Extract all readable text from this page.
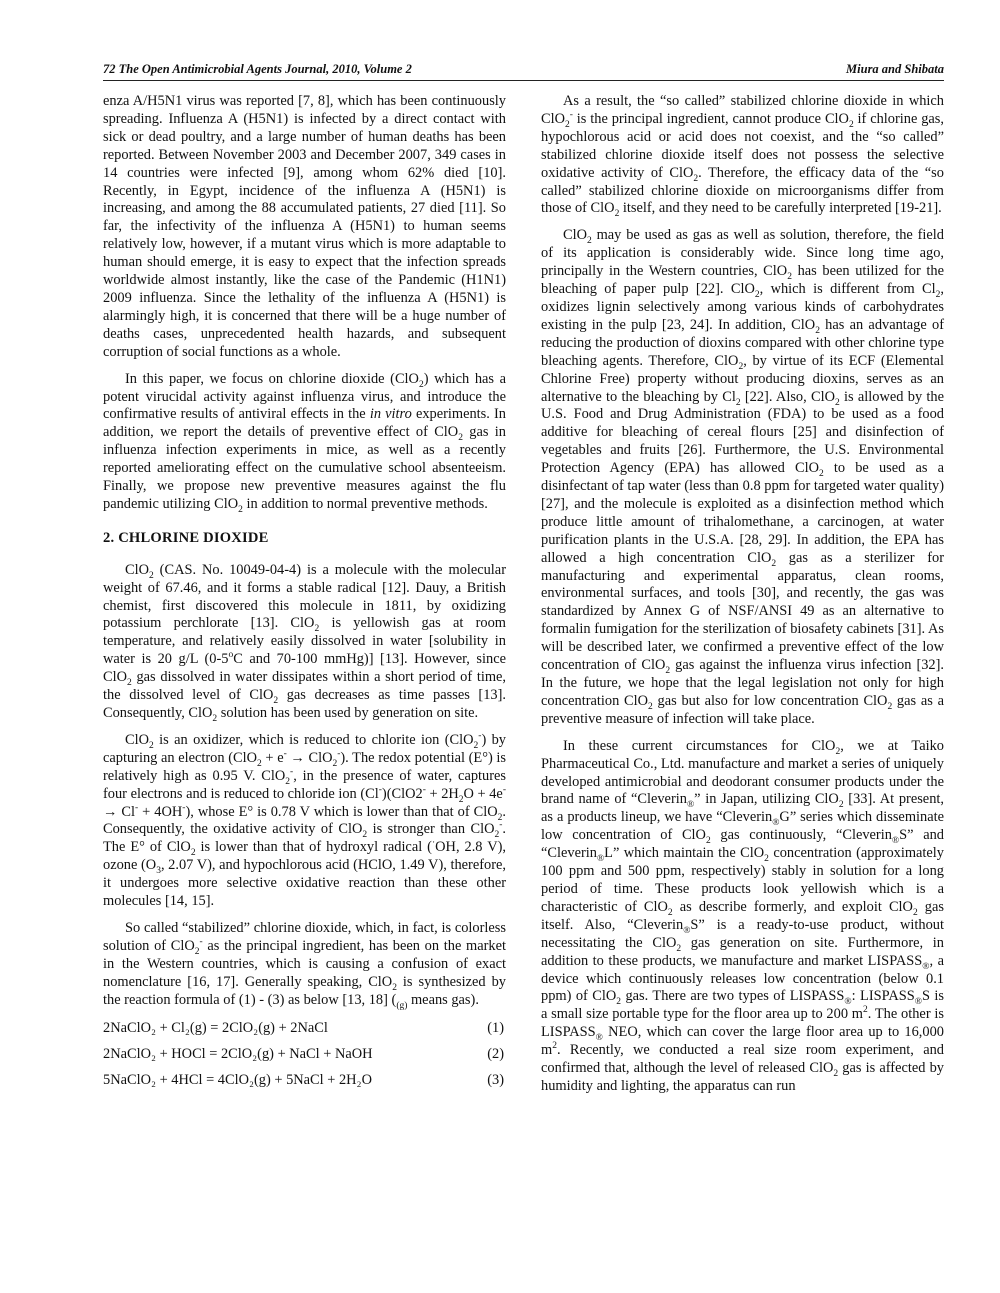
72 The Open Antimicrobial Agents Journal, 2010, Volume 2	Miura and Shibata

enza A/H5N1 virus was reported [7, 8], which has been continuously spreading. Influenza A (H5N1) is infected by a direct contact with sick or dead poultry, and a large number of human deaths has been reported. Between November 2003 and December 2007, 349 cases in 14 countries were infected [9], among whom 62% died [10]. Recently, in Egypt, incidence of the influenza A (H5N1) is increasing, and among the 88 accumulated patients, 27 died [11]. So far, the infectivity of the influenza A (H5N1) to human seems relatively low, however, if a mutant virus which is more adaptable to human should emerge, it is easy to expect that the infection spreads worldwide almost instantly, like the case of the Pandemic (H1N1) 2009 influenza. Since the lethality of the influenza A (H5N1) is alarmingly high, it is concerned that there will be a huge number of deaths cases, unprecedented health hazards, and subsequent corruption of social functions as a whole.

In this paper, we focus on chlorine dioxide (ClO$_2$) which has a potent virucidal activity against influenza virus, and introduce the confirmative results of antiviral effects in the in vitro experiments. In addition, we report the details of preventive effect of ClO$_2$ gas in influenza infection experiments in mice, as well as a recently reported ameliorating effect on the cumulative school absenteeism. Finally, we propose new preventive measures against the flu pandemic utilizing ClO$_2$ in addition to normal preventive methods.

2. CHLORINE DIOXIDE

ClO$_2$ (CAS. No. 10049-04-4) is a molecule with the molecular weight of 67.46, and it forms a stable radical [12]. Dauy, a British chemist, first discovered this molecule in 1811, by oxidizing potassium perchlorate [13]. ClO$_2$ is yellowish gas at room temperature, and relatively easily dissolved in water [solubility in water is 20 g/L (0-5$^o$C and 70-100 mmHg)] [13]. However, since ClO$_2$ gas dissolved in water dissipates within a short period of time, the dissolved level of ClO$_2$ gas decreases as time passes [13]. Consequently, ClO$_2$ solution has been used by generation on site.

ClO$_2$ is an oxidizer, which is reduced to chlorite ion (ClO$_2$-) by capturing an electron (ClO$_2$ + e- → ClO$_2$-). The redox potential (E°) is relatively high as 0.95 V. ClO$_2$-, in the presence of water, captures four electrons and is reduced to chloride ion $(Cl^-)(ClO2^- + 2H_2O + 4e^- \to Cl^- + 4OH^-)$, whose E° is 0.78 V which is lower than that of ClO$_2$. Consequently, the oxidative activity of ClO$_2$ is stronger than ClO$_2$-. The E° of ClO$_2$ is lower than that of hydroxyl radical (·OH, 2.8 V), ozone ($O_3$, 2.07 V), and hypochlorous acid (HClO, 1.49 V), therefore, it undergoes more selective oxidative reaction than these other molecules [14, 15].

So called “stabilized” chlorine dioxide, which, in fact, is colorless solution of ClO$_2$- as the principal ingredient, has been on the market in the Western countries, which is causing a confusion of exact nomenclature [16, 17]. Generally speaking, ClO$_2$ is synthesized by the reaction formula of (1) - (3) as below [13, 18] ($_{(g)}$ means gas).

2NaClO₂ + Cl₂(g) = 2ClO₂(g) + 2NaCl	(1)
2NaClO₂ + HOCl = 2ClO₂(g) + NaCl + NaOH	(2)
5NaClO₂ + 4HCl = 4ClO₂(g) + 5NaCl + 2H₂O	(3)

As a result, the “so called” stabilized chlorine dioxide in which ClO$_2$- is the principal ingredient, cannot produce ClO$_2$ if chlorine gas, hypochlorous acid or acid does not coexist, and the “so called” stabilized chlorine dioxide itself does not possess the selective oxidative activity of ClO$_2$. Therefore, the efficacy data of the “so called” stabilized chlorine dioxide on microorganisms differ from those of ClO$_2$ itself, and they need to be carefully interpreted [19-21].

ClO$_2$ may be used as gas as well as solution, therefore, the field of its application is considerably wide. Since long time ago, principally in the Western countries, ClO$_2$ has been utilized for the bleaching of paper pulp [22]. ClO$_2$, which is different from $Cl_2$, oxidizes lignin selectively among various kinds of carbohydrates existing in the pulp [23, 24]. In addition, ClO$_2$ has an advantage of reducing the production of dioxins compared with other chlorine type bleaching agents. Therefore, ClO$_2$, by virtue of its ECF (Elemental Chlorine Free) property without producing dioxins, serves as an alternative to the bleaching by $Cl_2$ [22]. Also, ClO$_2$ is allowed by the U.S. Food and Drug Administration (FDA) to be used as a food additive for bleaching of cereal flours [25] and disinfection of vegetables and fruits [26]. Furthermore, the U.S. Environmental Protection Agency (EPA) has allowed ClO$_2$ to be used as a disinfectant of tap water (less than 0.8 ppm for targeted water quality) [27], and the molecule is exploited as a disinfection method which produce little amount of trihalomethane, a carcinogen, at water purification plants in the U.S.A. [28, 29]. In addition, the EPA has allowed a high concentration ClO$_2$ gas as a sterilizer for manufacturing and experimental apparatus, clean rooms, environmental surfaces, and tools [30], and recently, the gas was standardized by Annex G of NSF/ANSI 49 as an alternative to formalin fumigation for the sterilization of biosafety cabinets [31]. As will be described later, we confirmed a preventive effect of the low concentration of ClO$_2$ gas against the influenza virus infection [32]. In the future, we hope that the legal legislation not only for high concentration ClO$_2$ gas but also for low concentration ClO$_2$ gas as a preventive measure of infection will take place.

In these current circumstances for ClO$_2$, we at Taiko Pharmaceutical Co., Ltd. manufacture and market a series of uniquely developed antimicrobial and deodorant consumer products under the brand name of “Cleverin$_®$” in Japan, utilizing ClO$_2$ [33]. At present, as a products lineup, we have “Cleverin$_®$G” series which disseminate low concentration of ClO$_2$ gas continuously, “Cleverin$_®$S” and “Cleverin$_®$L” which maintain the ClO$_2$ concentration (approximately 100 ppm and 500 ppm, respectively) stably in solution for a long period of time. These products look yellowish which is a characteristic of ClO$_2$ as describe formerly, and exploit ClO$_2$ gas itself. Also, “Cleverin$_®$S” is a ready-to-use product, without necessitating the ClO$_2$ gas generation on site. Furthermore, in addition to these products, we manufacture and market $LISPASS_®$, a device which continuously releases low concentration (below 0.1 ppm) of ClO$_2$ gas. There are two types of $LISPASS_®$: $LISPASS_®S$ is a small size portable type for the floor area up to 200 $m^2$. The other is $LISPASS_®$ NEO, which can cover the large floor area up to 16,000 $m^2$. Recently, we conducted a real size room experiment, and confirmed that, although the level of released ClO$_2$ gas is affected by humidity and lighting, the apparatus can run
